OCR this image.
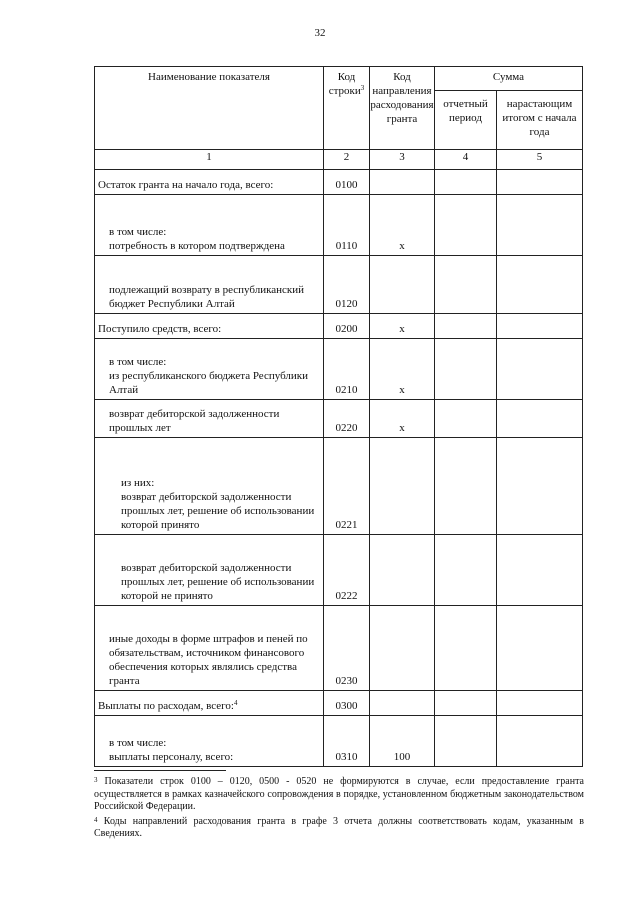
32
Наименование показателя	Код строки$^3$	Код направления расходования гранта	Сумма	
			отчетный период	нарастающим итогом с начала года
1	2	3	4	5
Остаток гранта на начало года, всего:	0100			
в том числе:
потребность в котором подтверждена	0110	x		
подлежащий возврату в республиканский бюджет Республики Алтай	0120			
Поступило средств, всего:	0200	x		
в том числе:
из республиканского бюджета Республики Алтай	0210	x		
возврат дебиторской задолженности прошлых лет	0220	x		
из них:
возврат дебиторской задолженности прошлых лет, решение об использовании которой принято	0221			
возврат дебиторской задолженности прошлых лет, решение об использовании которой не принято	0222			
иные доходы в форме штрафов и пеней по обязательствам, источником финансового обеспечения которых являлись средства гранта	0230			
Выплаты по расходам, всего:$^4$	0300			
в том числе:
выплаты персоналу, всего:	0310	100		

$^3$ Показатели строк 0100 – 0120, 0500 - 0520 не формируются в случае, если предоставление гранта осуществляется в рамках казначейского сопровождения в порядке, установленном бюджетным законодательством Российской Федерации.

$^4$ Коды направлений расходования гранта в графе 3 отчета должны соответствовать кодам, указанным в Сведениях.
